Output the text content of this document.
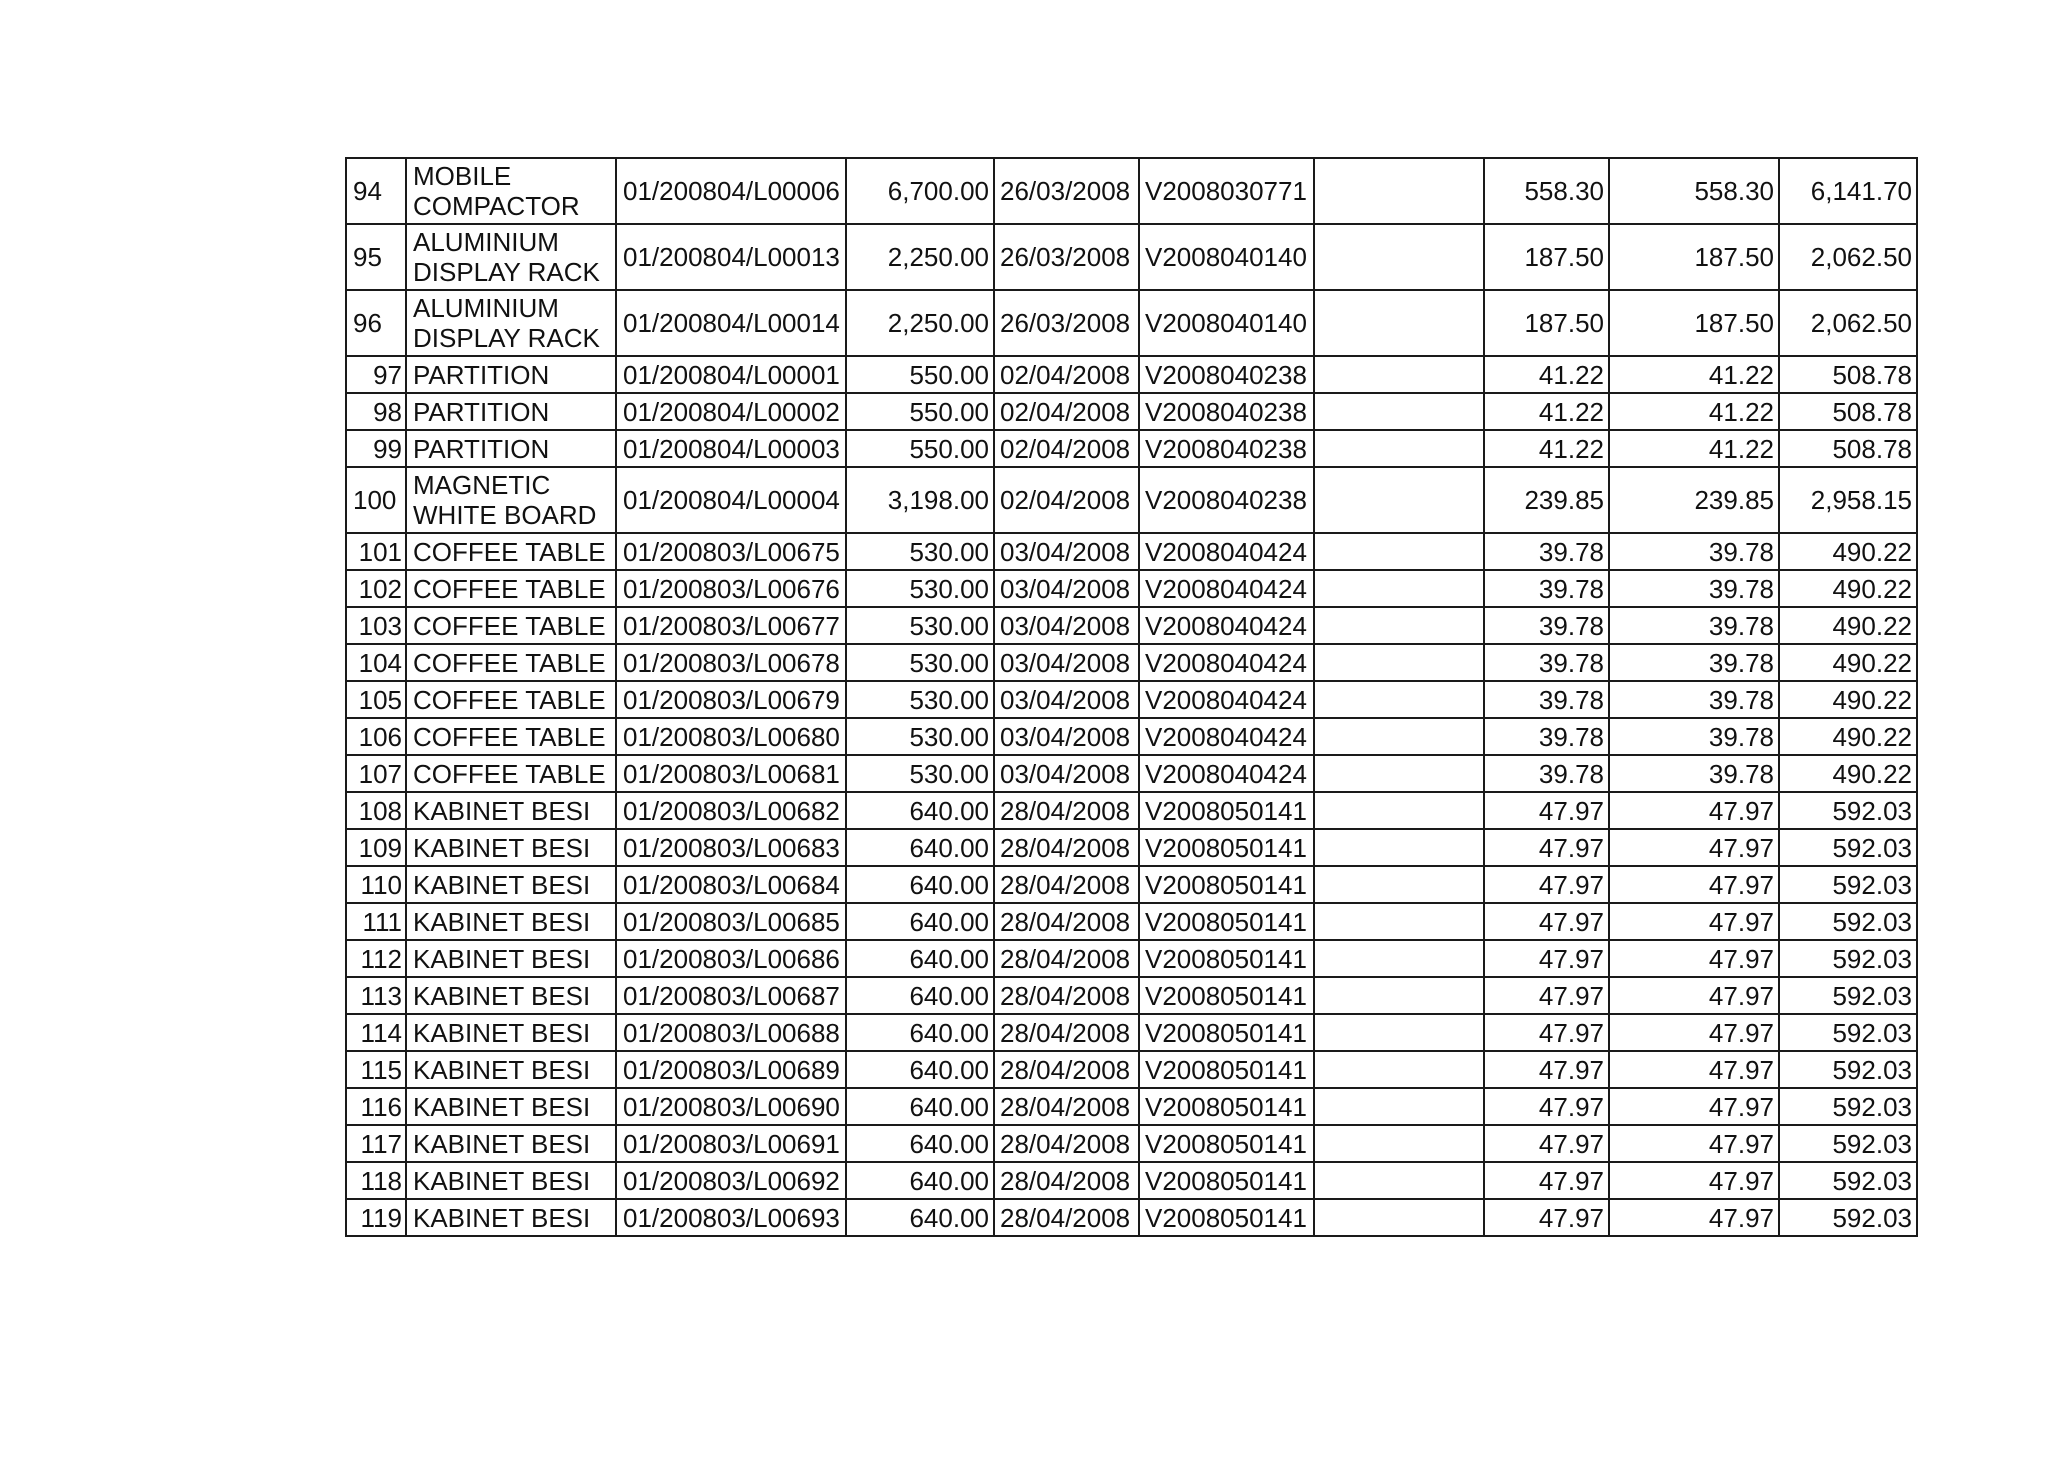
94	MOBILE COMPACTOR	01/200804/L00006	6,700.00	26/03/2008	V2008030771		558.30	558.30	6,141.70
95	ALUMINIUM DISPLAY RACK	01/200804/L00013	2,250.00	26/03/2008	V2008040140		187.50	187.50	2,062.50
96	ALUMINIUM DISPLAY RACK	01/200804/L00014	2,250.00	26/03/2008	V2008040140		187.50	187.50	2,062.50
97	PARTITION	01/200804/L00001	550.00	02/04/2008	V2008040238		41.22	41.22	508.78
98	PARTITION	01/200804/L00002	550.00	02/04/2008	V2008040238		41.22	41.22	508.78
99	PARTITION	01/200804/L00003	550.00	02/04/2008	V2008040238		41.22	41.22	508.78
100	MAGNETIC WHITE BOARD	01/200804/L00004	3,198.00	02/04/2008	V2008040238		239.85	239.85	2,958.15
101	COFFEE TABLE	01/200803/L00675	530.00	03/04/2008	V2008040424		39.78	39.78	490.22
102	COFFEE TABLE	01/200803/L00676	530.00	03/04/2008	V2008040424		39.78	39.78	490.22
103	COFFEE TABLE	01/200803/L00677	530.00	03/04/2008	V2008040424		39.78	39.78	490.22
104	COFFEE TABLE	01/200803/L00678	530.00	03/04/2008	V2008040424		39.78	39.78	490.22
105	COFFEE TABLE	01/200803/L00679	530.00	03/04/2008	V2008040424		39.78	39.78	490.22
106	COFFEE TABLE	01/200803/L00680	530.00	03/04/2008	V2008040424		39.78	39.78	490.22
107	COFFEE TABLE	01/200803/L00681	530.00	03/04/2008	V2008040424		39.78	39.78	490.22
108	KABINET BESI	01/200803/L00682	640.00	28/04/2008	V2008050141		47.97	47.97	592.03
109	KABINET BESI	01/200803/L00683	640.00	28/04/2008	V2008050141		47.97	47.97	592.03
110	KABINET BESI	01/200803/L00684	640.00	28/04/2008	V2008050141		47.97	47.97	592.03
111	KABINET BESI	01/200803/L00685	640.00	28/04/2008	V2008050141		47.97	47.97	592.03
112	KABINET BESI	01/200803/L00686	640.00	28/04/2008	V2008050141		47.97	47.97	592.03
113	KABINET BESI	01/200803/L00687	640.00	28/04/2008	V2008050141		47.97	47.97	592.03
114	KABINET BESI	01/200803/L00688	640.00	28/04/2008	V2008050141		47.97	47.97	592.03
115	KABINET BESI	01/200803/L00689	640.00	28/04/2008	V2008050141		47.97	47.97	592.03
116	KABINET BESI	01/200803/L00690	640.00	28/04/2008	V2008050141		47.97	47.97	592.03
117	KABINET BESI	01/200803/L00691	640.00	28/04/2008	V2008050141		47.97	47.97	592.03
118	KABINET BESI	01/200803/L00692	640.00	28/04/2008	V2008050141		47.97	47.97	592.03
119	KABINET BESI	01/200803/L00693	640.00	28/04/2008	V2008050141		47.97	47.97	592.03
